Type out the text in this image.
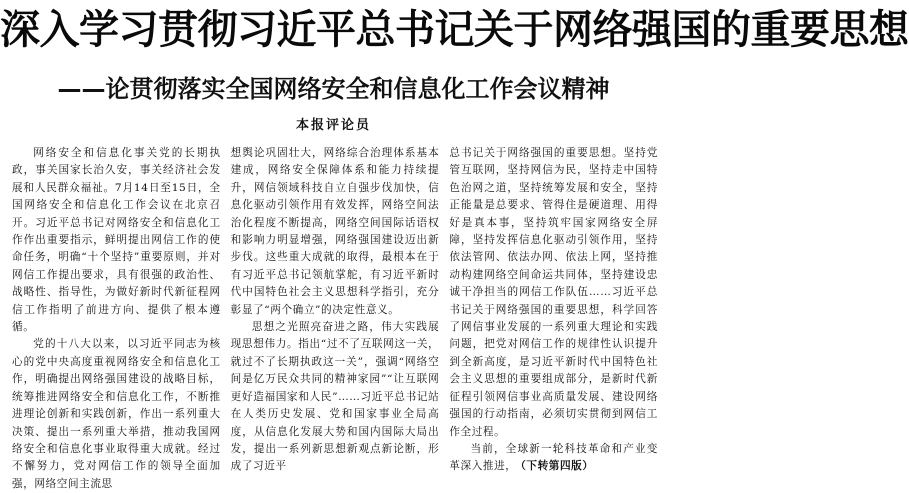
深入学习贯彻习近平总书记关于网络强国的重要思想
——论贯彻落实全国网络安全和信息化工作会议精神
本报评论员

网络安全和信息化事关党的长期执政，事关国家长治久安，事关经济社会发展和人民群众福祉。7月14日至15日，全国网络安全和信息化工作会议在北京召开。习近平总书记对网络安全和信息化工作作出重要指示，鲜明提出网信工作的使命任务，明确“十个坚持”重要原则，并对网信工作提出要求，具有很强的政治性、战略性、指导性，为做好新时代新征程网信工作指明了前进方向、提供了根本遵循。

党的十八大以来，以习近平同志为核心的党中央高度重视网络安全和信息化工作，明确提出网络强国建设的战略目标，统筹推进网络安全和信息化工作，不断推进理论创新和实践创新，作出一系列重大决策、提出一系列重大举措，推动我国网络安全和信息化事业取得重大成就。经过不懈努力，党对网信工作的领导全面加强，网络空间主流思

想舆论巩固壮大，网络综合治理体系基本建成，网络安全保障体系和能力持续提升，网信领域科技自立自强步伐加快，信息化驱动引领作用有效发挥，网络空间法治化程度不断提高，网络空间国际话语权和影响力明显增强，网络强国建设迈出新步伐。这些重大成就的取得，最根本在于有习近平总书记领航掌舵，有习近平新时代中国特色社会主义思想科学指引，充分彰显了“两个确立”的决定性意义。

思想之光照亮奋进之路，伟大实践展现思想伟力。指出“过不了互联网这一关，就过不了长期执政这一关”，强调“网络空间是亿万民众共同的精神家园”“让互联网更好造福国家和人民”……习近平总书记站在人类历史发展、党和国家事业全局高度，从信息化发展大势和国内国际大局出发，提出一系列新思想新观点新论断，形成了习近平

总书记关于网络强国的重要思想。坚持党管互联网，坚持网信为民，坚持走中国特色治网之道，坚持统筹发展和安全，坚持正能量是总要求、管得住是硬道理、用得好是真本事，坚持筑牢国家网络安全屏障，坚持发挥信息化驱动引领作用，坚持依法管网、依法办网、依法上网，坚持推动构建网络空间命运共同体，坚持建设忠诚干净担当的网信工作队伍……习近平总书记关于网络强国的重要思想，科学回答了网信事业发展的一系列重大理论和实践问题，把党对网信工作的规律性认识提升到全新高度，是习近平新时代中国特色社会主义思想的重要组成部分，是新时代新征程引领网信事业高质量发展、建设网络强国的行动指南，必须切实贯彻到网信工作全过程。

当前，全球新一轮科技革命和产业变革深入推进， （下转第四版）
